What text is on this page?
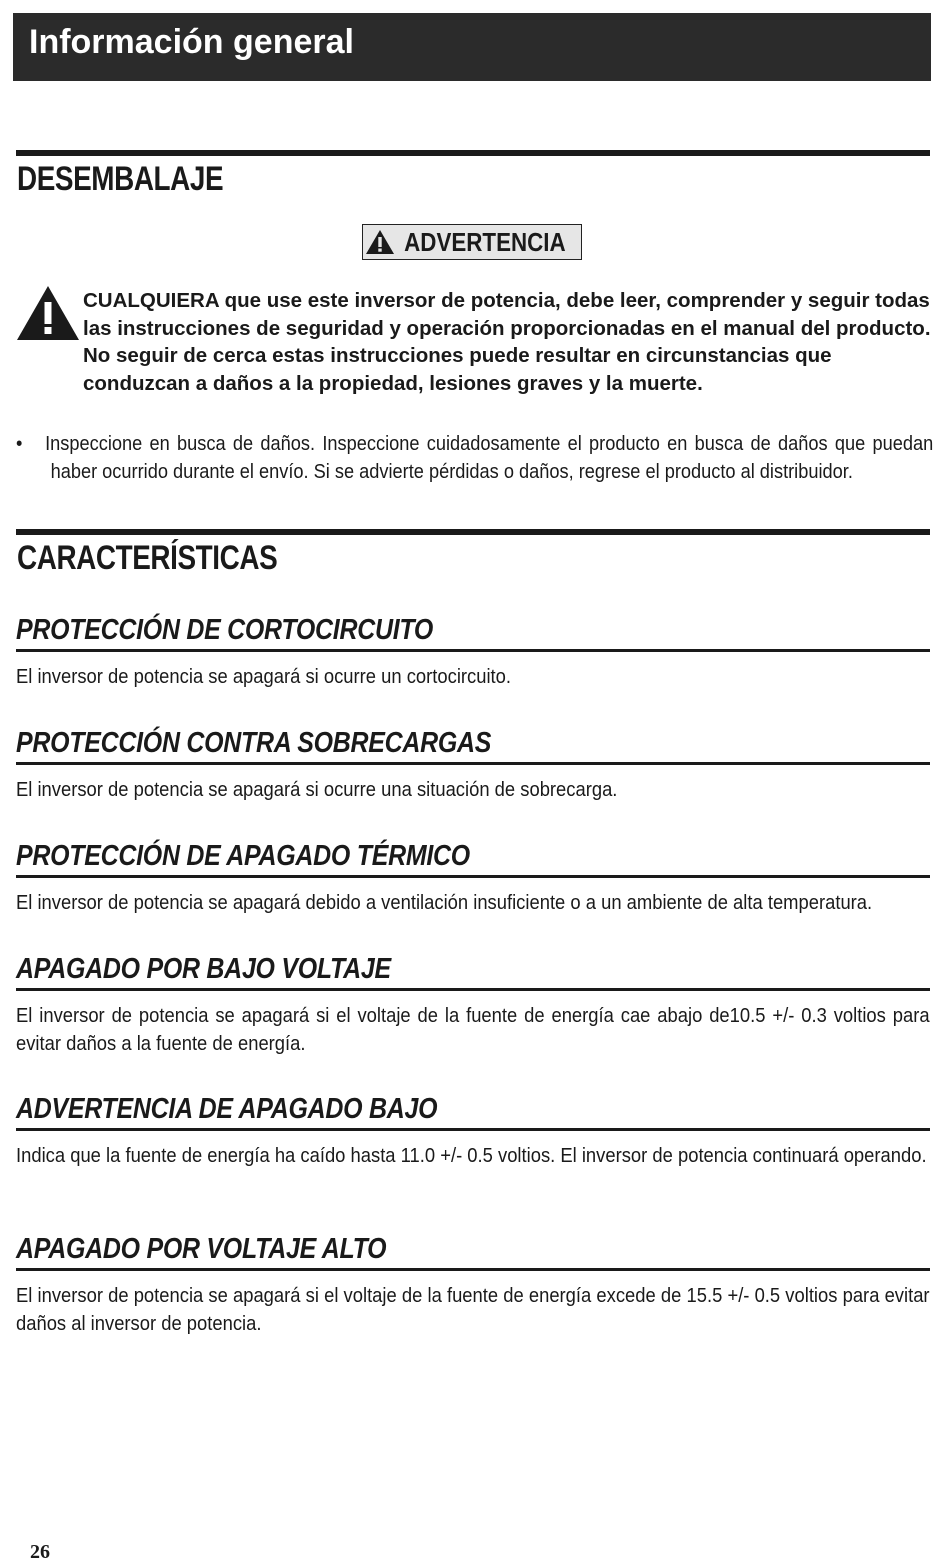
Información general
DESEMBALAJE
ADVERTENCIA
CUALQUIERA que use este inversor de potencia, debe leer, comprender y seguir todas las instrucciones de seguridad y operación proporcionadas en el manual del producto. No seguir de cerca estas instrucciones puede resultar en circunstancias que conduzcan a daños a la propiedad, lesiones graves y la muerte.
• Inspeccione en busca de daños. Inspeccione cuidadosamente el producto en busca de daños que puedan haber ocurrido durante el envío. Si se advierte pérdidas o daños, regrese el producto al distribuidor.
CARACTERÍSTICAS
PROTECCIÓN DE CORTOCIRCUITO
El inversor de potencia se apagará si ocurre un cortocircuito.
PROTECCIÓN CONTRA SOBRECARGAS
El inversor de potencia se apagará si ocurre una situación de sobrecarga.
PROTECCIÓN DE APAGADO TÉRMICO
El inversor de potencia se apagará debido a ventilación insuficiente o a un ambiente de alta temperatura.
APAGADO POR BAJO VOLTAJE
El inversor de potencia se apagará si el voltaje de la fuente de energía cae abajo de10.5 +/- 0.3 voltios para evitar daños a la fuente de energía.
ADVERTENCIA DE APAGADO BAJO
Indica que la fuente de energía ha caído hasta 11.0 +/- 0.5 voltios. El inversor de potencia continuará operando.
APAGADO POR VOLTAJE ALTO
El inversor de potencia se apagará si el voltaje de la fuente de energía excede de 15.5 +/- 0.5 voltios para evitar daños al inversor de potencia.
26
